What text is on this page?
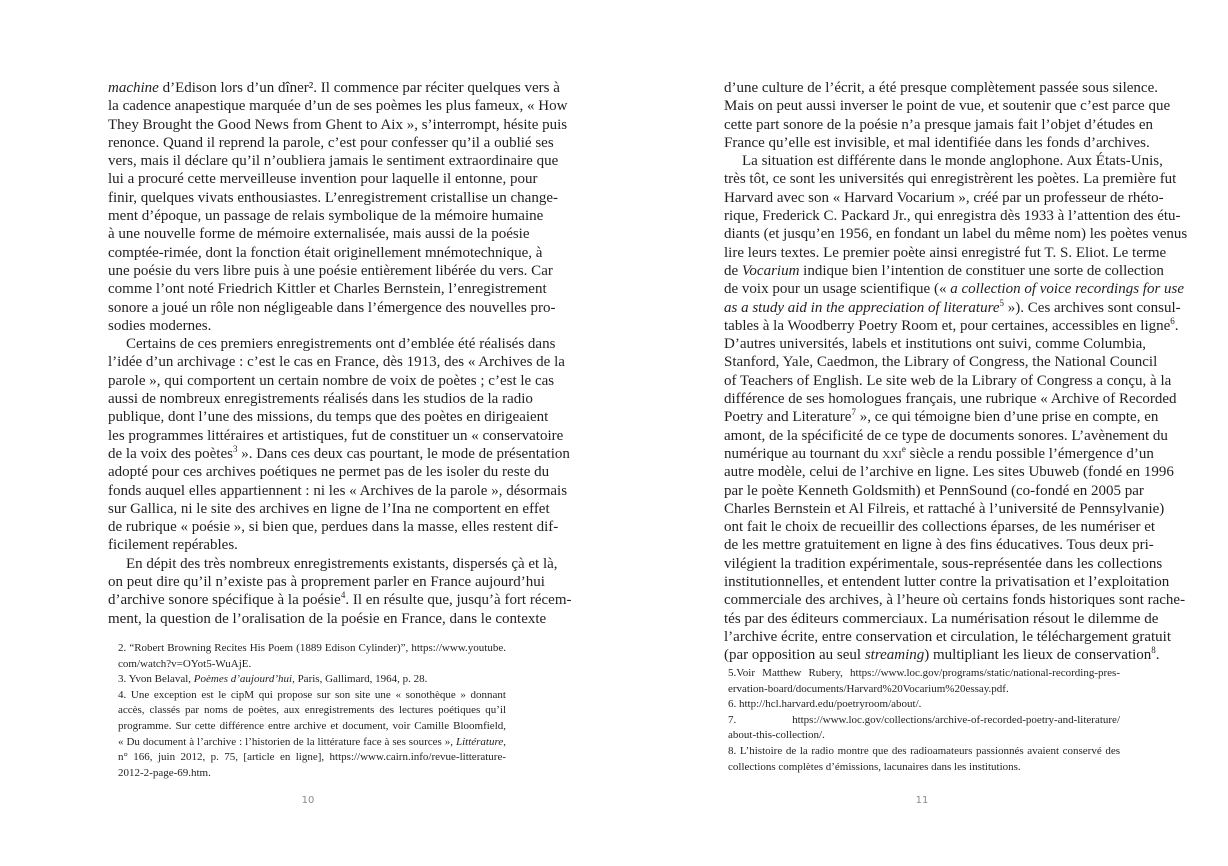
machine d’Edison lors d’un dîner². Il commence par réciter quelques vers à
la cadence anapestique marquée d’un de ses poèmes les plus fameux, « How
They Brought the Good News from Ghent to Aix », s’interrompt, hésite puis
renonce. Quand il reprend la parole, c’est pour confesser qu’il a oublié ses
vers, mais il déclare qu’il n’oubliera jamais le sentiment extraordinaire que
lui a procuré cette merveilleuse invention pour laquelle il entonne, pour
finir, quelques vivats enthousiastes. L’enregistrement cristallise un change-
ment d’époque, un passage de relais symbolique de la mémoire humaine
à une nouvelle forme de mémoire externalisée, mais aussi de la poésie
comptée-rimée, dont la fonction était originellement mnémotechnique, à
une poésie du vers libre puis à une poésie entièrement libérée du vers. Car
comme l’ont noté Friedrich Kittler et Charles Bernstein, l’enregistrement
sonore a joué un rôle non négligeable dans l’émergence des nouvelles pro-
sodies modernes.
Certains de ces premiers enregistrements ont d’emblée été réalisés dans
l’idée d’un archivage : c’est le cas en France, dès 1913, des « Archives de la
parole », qui comportent un certain nombre de voix de poètes ; c’est le cas
aussi de nombreux enregistrements réalisés dans les studios de la radio
publique, dont l’une des missions, du temps que des poètes en dirigeaient
les programmes littéraires et artistiques, fut de constituer un « conservatoire
de la voix des poètes$^3$ ». Dans ces deux cas pourtant, le mode de présentation
adopté pour ces archives poétiques ne permet pas de les isoler du reste du
fonds auquel elles appartiennent : ni les « Archives de la parole », désormais
sur Gallica, ni le site des archives en ligne de l’Ina ne comportent en effet
de rubrique « poésie », si bien que, perdues dans la masse, elles restent dif-
ficilement repérables.
En dépit des très nombreux enregistrements existants, dispersés çà et là,
on peut dire qu’il n’existe pas à proprement parler en France aujourd’hui
d’archive sonore spécifique à la poésie$^4$. Il en résulte que, jusqu’à fort récem-
ment, la question de l’oralisation de la poésie en France, dans le contexte
2. “Robert Browning Recites His Poem (1889 Edison Cylinder)”, https://www.youtube.
com/watch?v=OYot5-WuAjE.
3. Yvon Belaval, Poèmes d’aujourd’hui, Paris, Gallimard, 1964, p. 28.
4. Une exception est le cipM qui propose sur son site une « sonothèque » donnant
accès, classés par noms de poètes, aux enregistrements des lectures poétiques qu’il
programme. Sur cette différence entre archive et document, voir Camille Bloomfield,
« Du document à l’archive : l’historien de la littérature face à ses sources », Littérature,
n° 166, juin 2012, p. 75, [article en ligne], https://www.cairn.info/revue-litterature-
2012-2-page-69.htm.
10
d’une culture de l’écrit, a été presque complètement passée sous silence.
Mais on peut aussi inverser le point de vue, et soutenir que c’est parce que
cette part sonore de la poésie n’a presque jamais fait l’objet d’études en
France qu’elle est invisible, et mal identifiée dans les fonds d’archives.
La situation est différente dans le monde anglophone. Aux États-Unis,
très tôt, ce sont les universités qui enregistrèrent les poètes. La première fut
Harvard avec son « Harvard Vocarium », créé par un professeur de rhéto-
rique, Frederick C. Packard Jr., qui enregistra dès 1933 à l’attention des étu-
diants (et jusqu’en 1956, en fondant un label du même nom) les poètes venus
lire leurs textes. Le premier poète ainsi enregistré fut T. S. Eliot. Le terme
de Vocarium indique bien l’intention de constituer une sorte de collection
de voix pour un usage scientifique (« a collection of voice recordings for use
as a study aid in the appreciation of literature$^5$ »). Ces archives sont consul-
tables à la Woodberry Poetry Room et, pour certaines, accessibles en ligne$^6$.
D’autres universités, labels et institutions ont suivi, comme Columbia,
Stanford, Yale, Caedmon, the Library of Congress, the National Council
of Teachers of English. Le site web de la Library of Congress a conçu, à la
différence de ses homologues français, une rubrique « Archive of Recorded
Poetry and Literature$^7$ », ce qui témoigne bien d’une prise en compte, en
amont, de la spécificité de ce type de documents sonores. L’avènement du
numérique au tournant du xxi$^e$ siècle a rendu possible l’émergence d’un
autre modèle, celui de l’archive en ligne. Les sites Ubuweb (fondé en 1996
par le poète Kenneth Goldsmith) et PennSound (co-fondé en 2005 par
Charles Bernstein et Al Filreis, et rattaché à l’université de Pennsylvanie)
ont fait le choix de recueillir des collections éparses, de les numériser et
de les mettre gratuitement en ligne à des fins éducatives. Tous deux pri-
vilégient la tradition expérimentale, sous-représentée dans les collections
institutionnelles, et entendent lutter contre la privatisation et l’exploitation
commerciale des archives, à l’heure où certains fonds historiques sont rache-
tés par des éditeurs commerciaux. La numérisation résout le dilemme de
l’archive écrite, entre conservation et circulation, le téléchargement gratuit
(par opposition au seul streaming) multipliant les lieux de conservation$^8$.
5.Voir Matthew Rubery, https://www.loc.gov/programs/static/national-recording-pres-
ervation-board/documents/Harvard%20Vocarium%20essay.pdf.
6. http://hcl.harvard.edu/poetryroom/about/.
7. https://www.loc.gov/collections/archive-of-recorded-poetry-and-literature/
about-this-collection/.
8. L’histoire de la radio montre que des radioamateurs passionnés avaient conservé des
collections complètes d’émissions, lacunaires dans les institutions.
11
